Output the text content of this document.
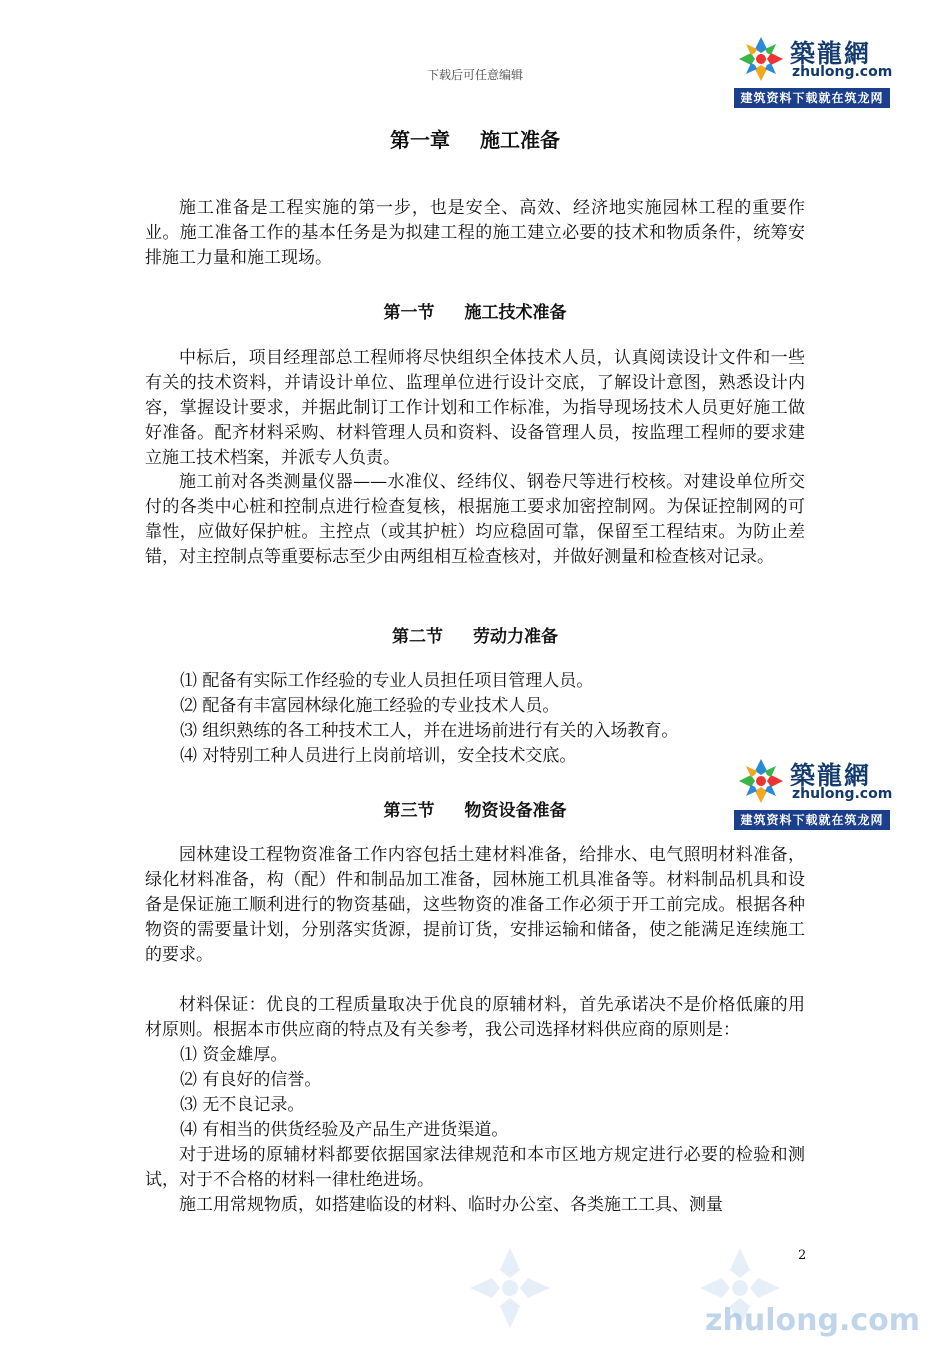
下载后可任意编辑
築龍網
zhulong.com
建筑资料下载就在筑龙网
第一章 施工准备
施工准备是工程实施的第一步，也是安全、高效、经济地实施园林工程的重要作业。施工准备工作的基本任务是为拟建工程的施工建立必要的技术和物质条件，统筹安排施工力量和施工现场。
第一节 施工技术准备
中标后，项目经理部总工程师将尽快组织全体技术人员，认真阅读设计文件和一些有关的技术资料，并请设计单位、监理单位进行设计交底，了解设计意图，熟悉设计内容，掌握设计要求，并据此制订工作计划和工作标准，为指导现场技术人员更好施工做好准备。配齐材料采购、材料管理人员和资料、设备管理人员，按监理工程师的要求建立施工技术档案，并派专人负责。
施工前对各类测量仪器——水准仪、经纬仪、钢卷尺等进行校核。对建设单位所交付的各类中心桩和控制点进行检查复核，根据施工要求加密控制网。为保证控制网的可靠性，应做好保护桩。主控点（或其护桩）均应稳固可靠，保留至工程结束。为防止差错，对主控制点等重要标志至少由两组相互检查核对，并做好测量和检查核对记录。
第二节 劳动力准备
⑴ 配备有实际工作经验的专业人员担任项目管理人员。
⑵ 配备有丰富园林绿化施工经验的专业技术人员。
⑶ 组织熟练的各工种技术工人，并在进场前进行有关的入场教育。
⑷ 对特别工种人员进行上岗前培训，安全技术交底。
築龍網
zhulong.com
建筑资料下载就在筑龙网
第三节 物资设备准备
园林建设工程物资准备工作内容包括土建材料准备，给排水、电气照明材料准备，绿化材料准备，构（配）件和制品加工准备，园林施工机具准备等。材料制品机具和设备是保证施工顺利进行的物资基础，这些物资的准备工作必须于开工前完成。根据各种物资的需要量计划，分别落实货源，提前订货，安排运输和储备，使之能满足连续施工的要求。
材料保证：优良的工程质量取决于优良的原辅材料，首先承诺决不是价格低廉的用材原则。根据本市供应商的特点及有关参考，我公司选择材料供应商的原则是：
⑴ 资金雄厚。
⑵ 有良好的信誉。
⑶ 无不良记录。
⑷ 有相当的供货经验及产品生产进货渠道。
对于进场的原辅材料都要依据国家法律规范和本市区地方规定进行必要的检验和测试，对于不合格的材料一律杜绝进场。
施工用常规物质，如搭建临设的材料、临时办公室、各类施工工具、测量
2
zhulong.com
